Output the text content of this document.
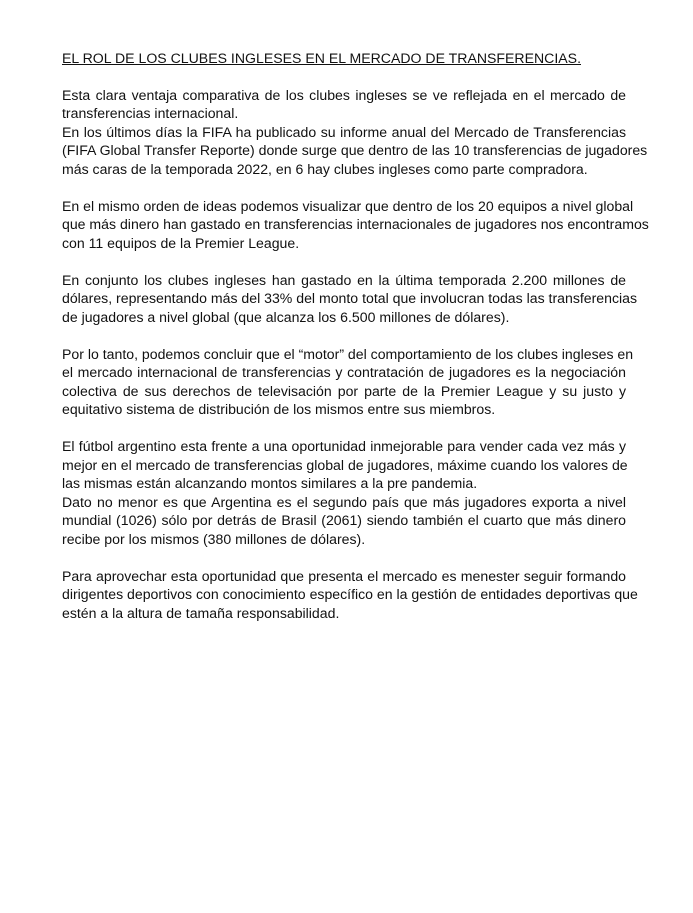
EL ROL DE LOS CLUBES INGLESES EN EL MERCADO DE TRANSFERENCIAS.
Esta clara ventaja comparativa de los clubes ingleses se ve reflejada en el mercado de
transferencias internacional.
En los últimos días la FIFA ha publicado su informe anual del Mercado de Transferencias
(FIFA Global Transfer Reporte) donde surge que dentro de las 10 transferencias de jugadores
más caras de la temporada 2022, en 6 hay clubes ingleses como parte compradora.
En el mismo orden de ideas podemos visualizar que dentro de los 20 equipos a nivel global
que más dinero han gastado en transferencias internacionales de jugadores nos encontramos
con 11 equipos de la Premier League.
En conjunto los clubes ingleses han gastado en la última temporada 2.200 millones de
dólares, representando más del 33% del monto total que involucran todas las transferencias
de jugadores a nivel global (que alcanza los 6.500 millones de dólares).
Por lo tanto, podemos concluir que el “motor” del comportamiento de los clubes ingleses en
el mercado internacional de transferencias y contratación de jugadores es la negociación
colectiva de sus derechos de televisación por parte de la Premier League y su justo y
equitativo sistema de distribución de los mismos entre sus miembros.
El fútbol argentino esta frente a una oportunidad inmejorable para vender cada vez más y
mejor en el mercado de transferencias global de jugadores, máxime cuando los valores de
las mismas están alcanzando montos similares a la pre pandemia.
Dato no menor es que Argentina es el segundo país que más jugadores exporta a nivel
mundial (1026) sólo por detrás de Brasil (2061) siendo también el cuarto que más dinero
recibe por los mismos (380 millones de dólares).
Para aprovechar esta oportunidad que presenta el mercado es menester seguir formando
dirigentes deportivos con conocimiento específico en la gestión de entidades deportivas que
estén a la altura de tamaña responsabilidad.
